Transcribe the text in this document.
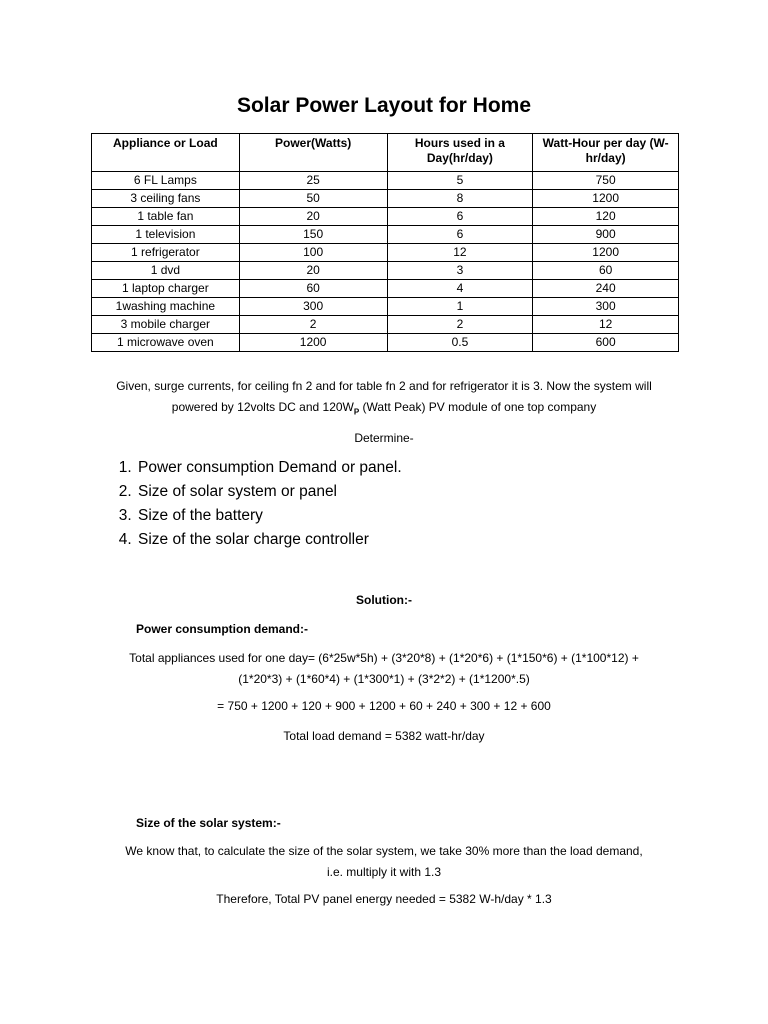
Solar Power Layout for Home
Appliance or Load	Power(Watts)	Hours used in a Day(hr/day)	Watt-Hour per day (W-hr/day)
6 FL Lamps	25	5	750
3 ceiling fans	50	8	1200
1 table fan	20	6	120
1 television	150	6	900
1 refrigerator	100	12	1200
1 dvd	20	3	60
1 laptop charger	60	4	240
1washing machine	300	1	300
3 mobile charger	2	2	12
1 microwave oven	1200	0.5	600
Given, surge currents, for ceiling fn 2 and for table fn 2 and for refrigerator it is 3. Now the system will
powered by 12volts DC and $120W_P$ (Watt Peak) PV module of one top company
Determine-
1. Power consumption Demand or panel.
2. Size of solar system or panel
3. Size of the battery
4. Size of the solar charge controller
Solution:-
Power consumption demand:-
Total appliances used for one day= (6*25w*5h) + (3*20*8) + (1*20*6) + (1*150*6) + (1*100*12) +
(1*20*3) + (1*60*4) + (1*300*1) + (3*2*2) + (1*1200*.5)
= 750 + 1200 + 120 + 900 + 1200 + 60 + 240 + 300 + 12 + 600
Total load demand = 5382 watt-hr/day
Size of the solar system:-
We know that, to calculate the size of the solar system, we take 30% more than the load demand,
i.e. multiply it with 1.3
Therefore, Total PV panel energy needed = 5382 W-h/day * 1.3
